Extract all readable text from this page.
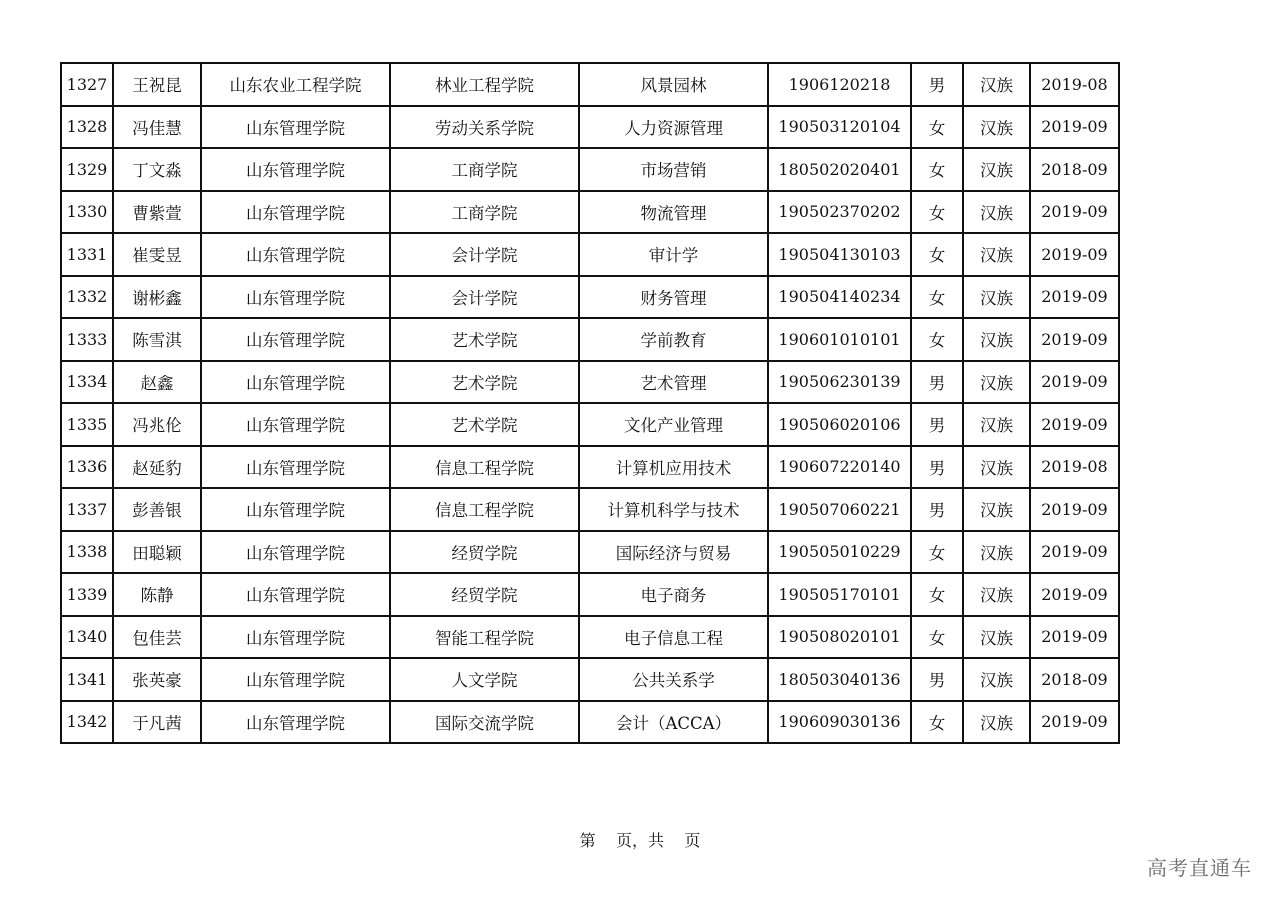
1327	王祝昆	山东农业工程学院	林业工程学院	风景园林	1906120218	男	汉族	2019-08
1328	冯佳慧	山东管理学院	劳动关系学院	人力资源管理	190503120104	女	汉族	2019-09
1329	丁文淼	山东管理学院	工商学院	市场营销	180502020401	女	汉族	2018-09
1330	曹紫萱	山东管理学院	工商学院	物流管理	190502370202	女	汉族	2019-09
1331	崔雯昱	山东管理学院	会计学院	审计学	190504130103	女	汉族	2019-09
1332	谢彬鑫	山东管理学院	会计学院	财务管理	190504140234	女	汉族	2019-09
1333	陈雪淇	山东管理学院	艺术学院	学前教育	190601010101	女	汉族	2019-09
1334	赵鑫	山东管理学院	艺术学院	艺术管理	190506230139	男	汉族	2019-09
1335	冯兆伦	山东管理学院	艺术学院	文化产业管理	190506020106	男	汉族	2019-09
1336	赵延豹	山东管理学院	信息工程学院	计算机应用技术	190607220140	男	汉族	2019-08
1337	彭善银	山东管理学院	信息工程学院	计算机科学与技术	190507060221	男	汉族	2019-09
1338	田聪颖	山东管理学院	经贸学院	国际经济与贸易	190505010229	女	汉族	2019-09
1339	陈静	山东管理学院	经贸学院	电子商务	190505170101	女	汉族	2019-09
1340	包佳芸	山东管理学院	智能工程学院	电子信息工程	190508020101	女	汉族	2019-09
1341	张英豪	山东管理学院	人文学院	公共关系学	180503040136	男	汉族	2018-09
1342	于凡茜	山东管理学院	国际交流学院	会计（ACCA）	190609030136	女	汉族	2019-09
第    页，共    页
高考直通车
